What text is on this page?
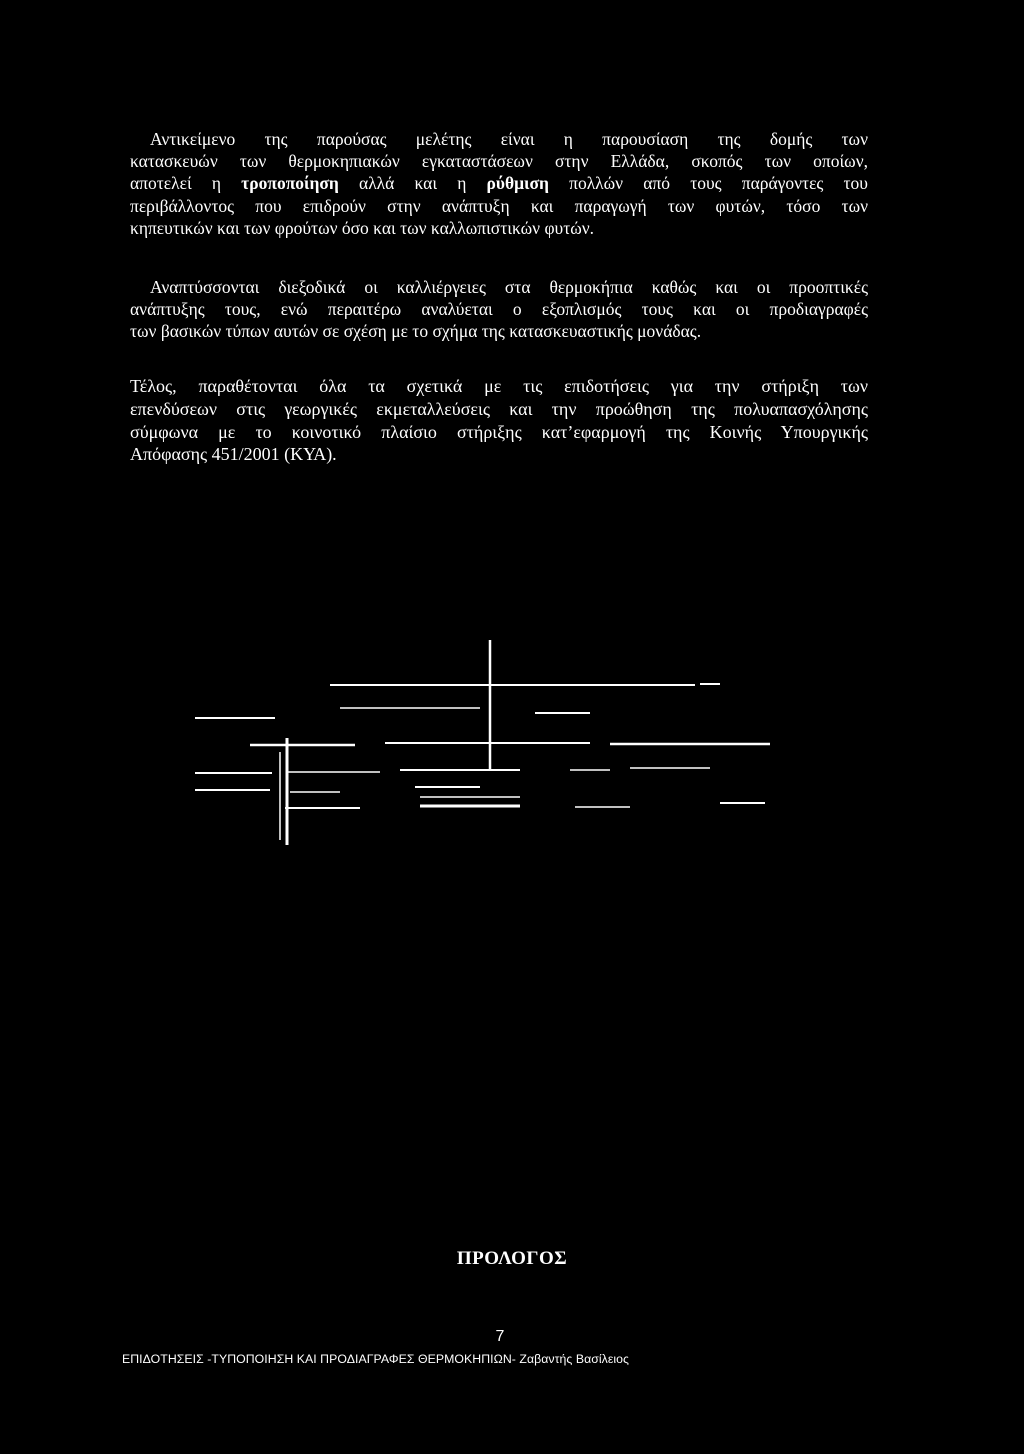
Αντικείμενο της παρούσας μελέτης είναι η παρουσίαση της δομής των
κατασκευών των θερμοκηπιακών εγκαταστάσεων στην Ελλάδα, σκοπός των οποίων,
αποτελεί η τροποποίηση αλλά και η ρύθμιση πολλών από τους παράγοντες του
περιβάλλοντος που επιδρούν στην ανάπτυξη και παραγωγή των φυτών, τόσο των
κηπευτικών και των φρούτων όσο και των καλλωπιστικών φυτών.
Αναπτύσσονται διεξοδικά οι καλλιέργειες στα θερμοκήπια καθώς και οι προοπτικές
ανάπτυξης τους, ενώ περαιτέρω αναλύεται ο εξοπλισμός τους και οι προδιαγραφές
των βασικών τύπων αυτών σε σχέση με το σχήμα της κατασκευαστικής μονάδας.
Τέλος, παραθέτονται όλα τα σχετικά με τις επιδοτήσεις για την στήριξη των
επενδύσεων στις γεωργικές εκμεταλλεύσεις και την προώθηση της πολυαπασχόλησης
σύμφωνα με το κοινοτικό πλαίσιο στήριξης κατ’εφαρμογή της Κοινής Υπουργικής
Απόφασης 451/2001 (ΚΥΑ).
ΠΡΟΛΟΓΟΣ
7
ΕΠΙΔΟΤΗΣΕΙΣ -ΤΥΠΟΠΟΙΗΣΗ ΚΑΙ ΠΡΟΔΙΑΓΡΑΦΕΣ ΘΕΡΜΟΚΗΠΙΩΝ- Ζαβαντής Βασίλειος
